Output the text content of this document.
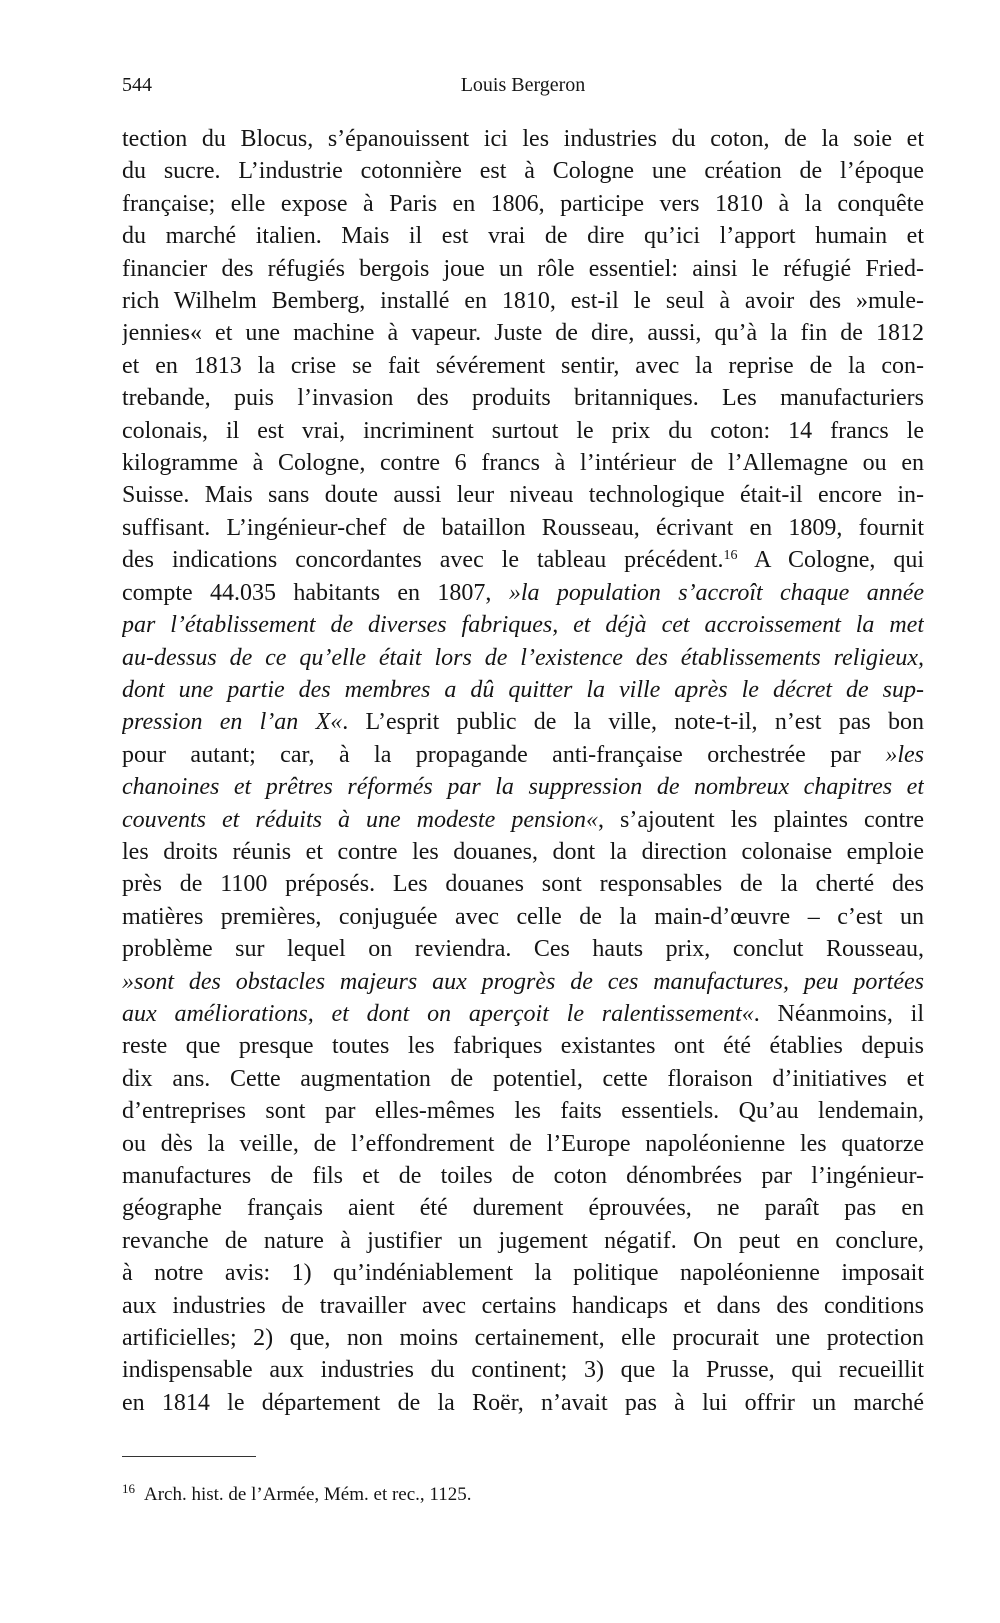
544	Louis Bergeron
tection du Blocus, s’épanouissent ici les industries du coton, de la soie et
du sucre. L’industrie cotonnière est à Cologne une création de l’époque
française; elle expose à Paris en 1806, participe vers 1810 à la conquête
du marché italien. Mais il est vrai de dire qu’ici l’apport humain et
financier des réfugiés bergois joue un rôle essentiel: ainsi le réfugié Fried-
rich Wilhelm Bemberg, installé en 1810, est-il le seul à avoir des »mule-
jennies« et une machine à vapeur. Juste de dire, aussi, qu’à la fin de 1812
et en 1813 la crise se fait sévérement sentir, avec la reprise de la con-
trebande, puis l’invasion des produits britanniques. Les manufacturiers
colonais, il est vrai, incriminent surtout le prix du coton: 14 francs le
kilogramme à Cologne, contre 6 francs à l’intérieur de l’Allemagne ou en
Suisse. Mais sans doute aussi leur niveau technologique était-il encore in-
suffisant. L’ingénieur-chef de bataillon Rousseau, écrivant en 1809, fournit
des indications concordantes avec le tableau précédent.$^{16}$ A Cologne, qui
compte 44.035 habitants en 1807, »la population s’accroît chaque année
par l’établissement de diverses fabriques, et déjà cet accroissement la met
au-dessus de ce qu’elle était lors de l’existence des établissements religieux,
dont une partie des membres a dû quitter la ville après le décret de sup-
pression en l’an X«. L’esprit public de la ville, note-t-il, n’est pas bon
pour autant; car, à la propagande anti-française orchestrée par »les
chanoines et prêtres réformés par la suppression de nombreux chapitres et
couvents et réduits à une modeste pension«, s’ajoutent les plaintes contre
les droits réunis et contre les douanes, dont la direction colonaise emploie
près de 1100 préposés. Les douanes sont responsables de la cherté des
matières premières, conjuguée avec celle de la main-d’œuvre – c’est un
problème sur lequel on reviendra. Ces hauts prix, conclut Rousseau,
»sont des obstacles majeurs aux progrès de ces manufactures, peu portées
aux améliorations, et dont on aperçoit le ralentissement«. Néanmoins, il
reste que presque toutes les fabriques existantes ont été établies depuis
dix ans. Cette augmentation de potentiel, cette floraison d’initiatives et
d’entreprises sont par elles-mêmes les faits essentiels. Qu’au lendemain,
ou dès la veille, de l’effondrement de l’Europe napoléonienne les quatorze
manufactures de fils et de toiles de coton dénombrées par l’ingénieur-
géographe français aient été durement éprouvées, ne paraît pas en
revanche de nature à justifier un jugement négatif. On peut en conclure,
à notre avis: 1) qu’indéniablement la politique napoléonienne imposait
aux industries de travailler avec certains handicaps et dans des conditions
artificielles; 2) que, non moins certainement, elle procurait une protection
indispensable aux industries du continent; 3) que la Prusse, qui recueillit
en 1814 le département de la Roër, n’avait pas à lui offrir un marché
$^{16}$ Arch. hist. de l’Armée, Mém. et rec., 1125.
